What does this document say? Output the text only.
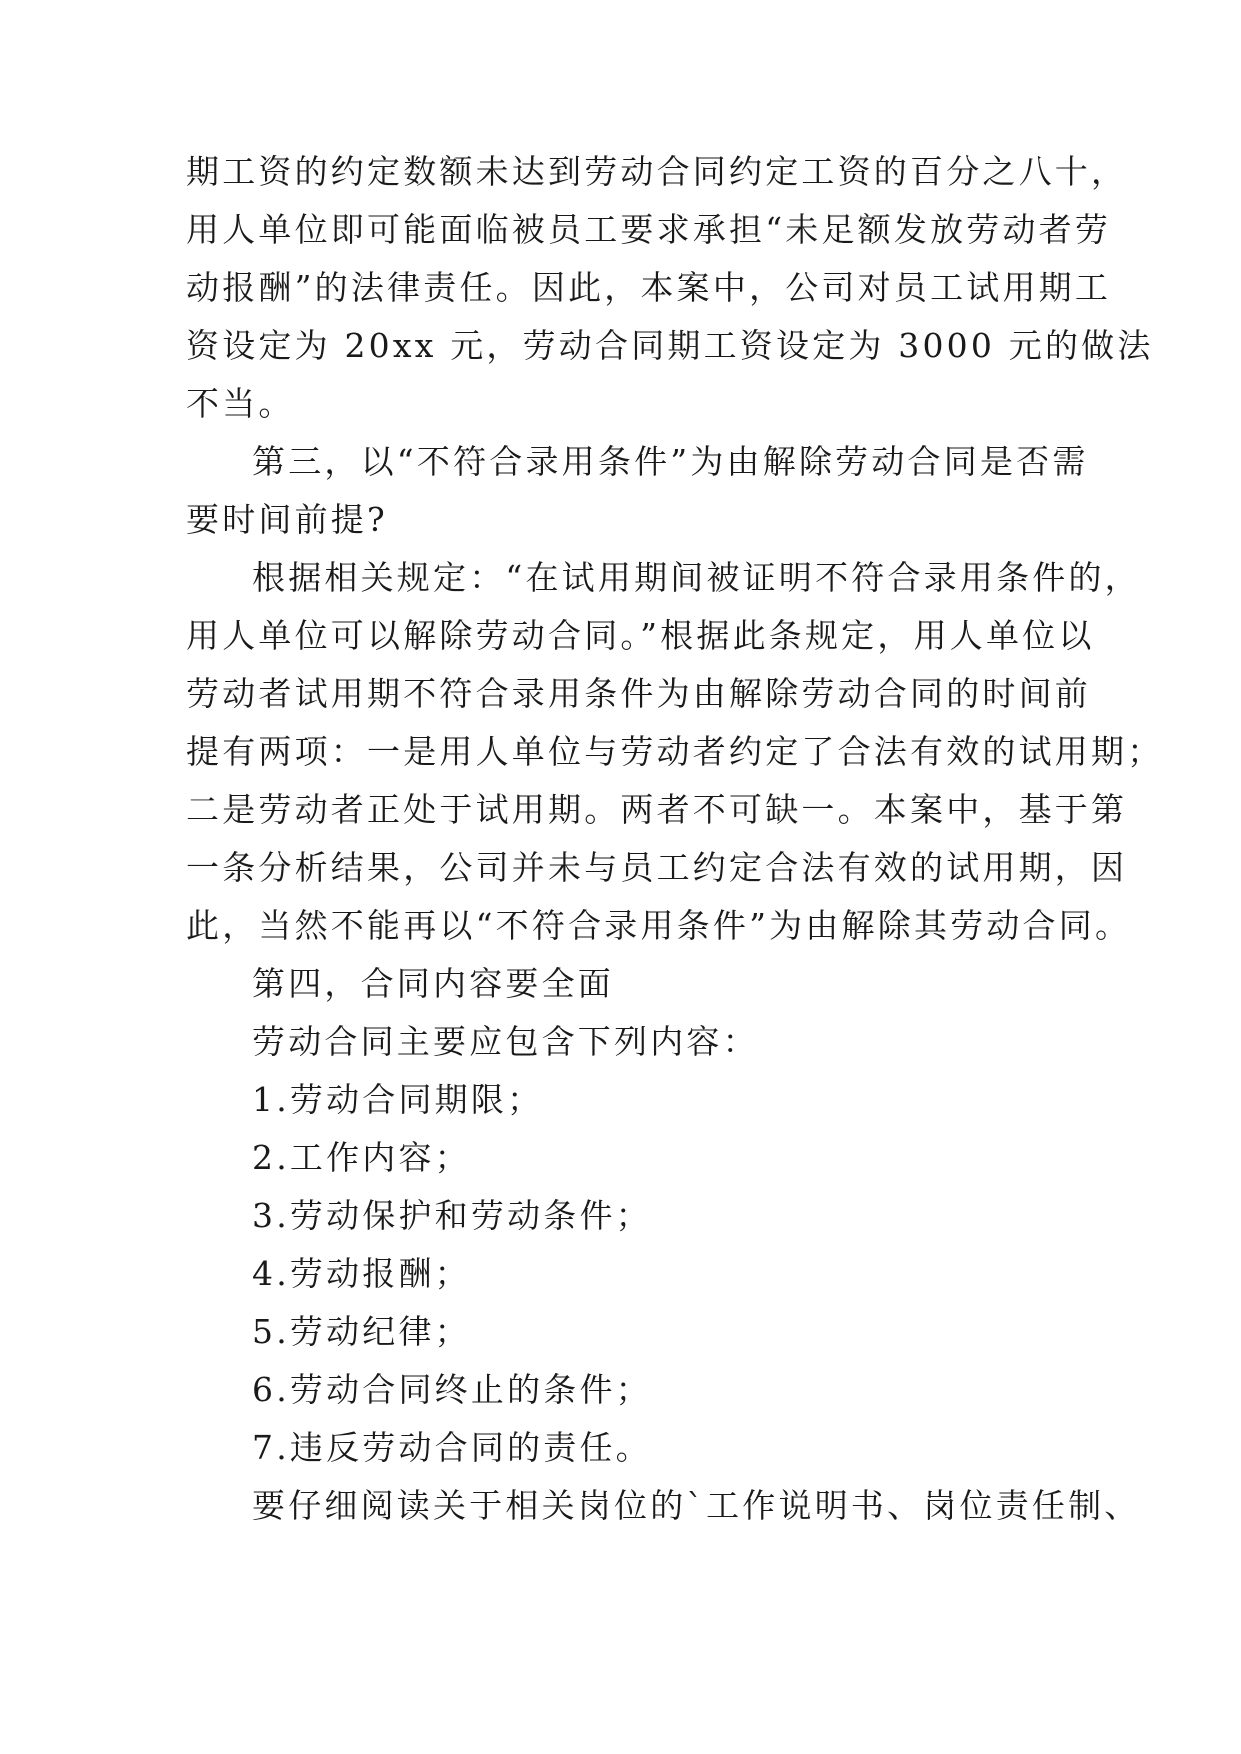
期工资的约定数额未达到劳动合同约定工资的百分之八十，
用人单位即可能面临被员工要求承担“未足额发放劳动者劳
动报酬”的法律责任。因此，本案中，公司对员工试用期工
资设定为 20xx 元，劳动合同期工资设定为 3000 元的做法
不当。
第三，以“不符合录用条件”为由解除劳动合同是否需
要时间前提?
根据相关规定：“在试用期间被证明不符合录用条件的，
用人单位可以解除劳动合同。”根据此条规定，用人单位以
劳动者试用期不符合录用条件为由解除劳动合同的时间前
提有两项：一是用人单位与劳动者约定了合法有效的试用期；
二是劳动者正处于试用期。两者不可缺一。本案中，基于第
一条分析结果，公司并未与员工约定合法有效的试用期，因
此，当然不能再以“不符合录用条件”为由解除其劳动合同。
第四，合同内容要全面
劳动合同主要应包含下列内容：
1.劳动合同期限；
2.工作内容；
3.劳动保护和劳动条件；
4.劳动报酬；
5.劳动纪律；
6.劳动合同终止的条件；
7.违反劳动合同的责任。
要仔细阅读关于相关岗位的`工作说明书、岗位责任制、
